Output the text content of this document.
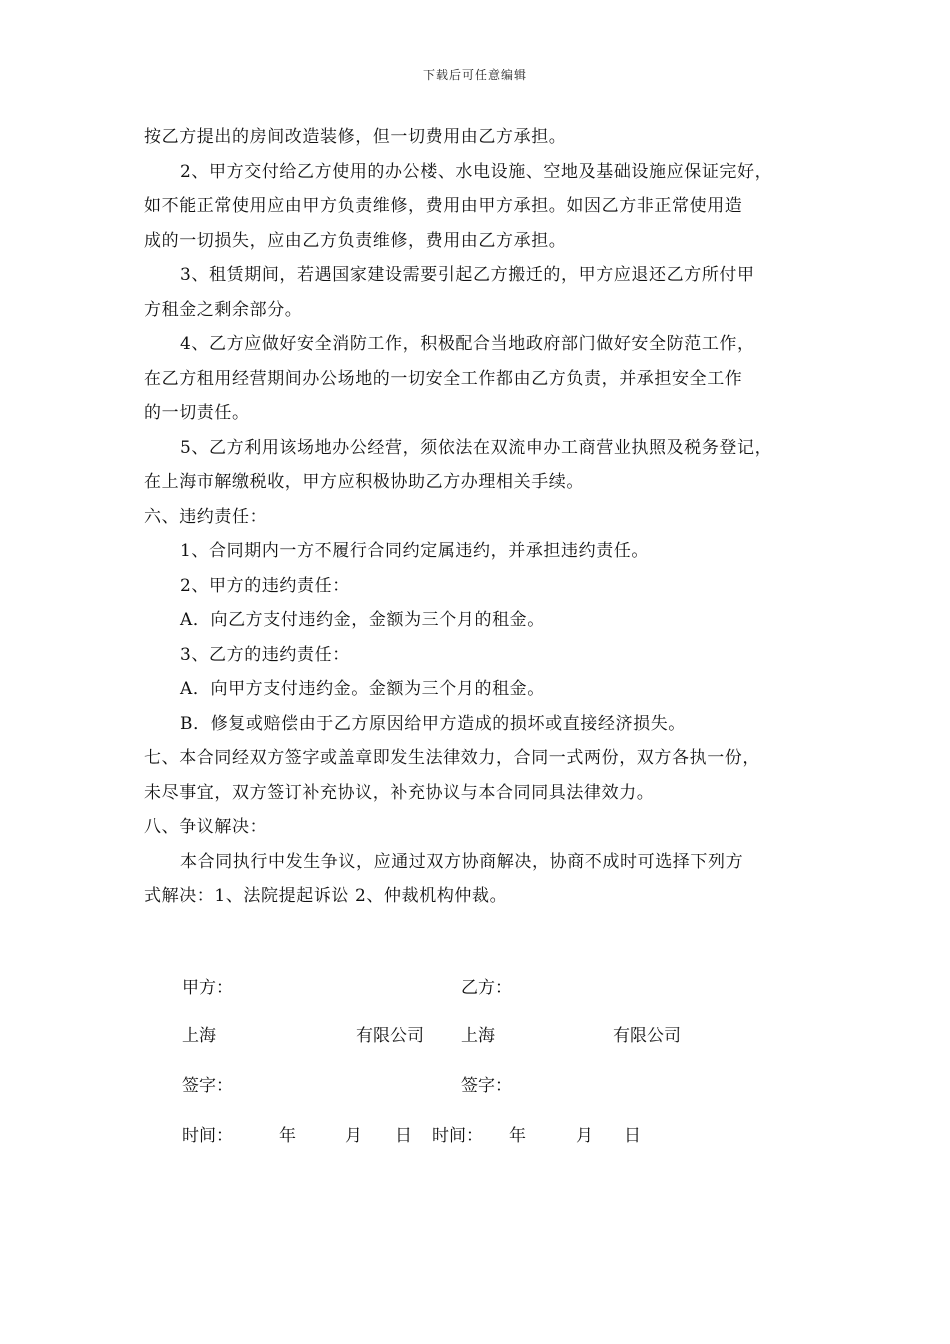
下载后可任意编辑
按乙方提出的房间改造装修，但一切费用由乙方承担。
2、甲方交付给乙方使用的办公楼、水电设施、空地及基础设施应保证完好，
如不能正常使用应由甲方负责维修，费用由甲方承担。如因乙方非正常使用造
成的一切损失，应由乙方负责维修，费用由乙方承担。
3、租赁期间，若遇国家建设需要引起乙方搬迁的，甲方应退还乙方所付甲
方租金之剩余部分。
4、乙方应做好安全消防工作，积极配合当地政府部门做好安全防范工作，
在乙方租用经营期间办公场地的一切安全工作都由乙方负责，并承担安全工作
的一切责任。
5、乙方利用该场地办公经营，须依法在双流申办工商营业执照及税务登记，
在上海市解缴税收，甲方应积极协助乙方办理相关手续。
六、违约责任：
1、合同期内一方不履行合同约定属违约，并承担违约责任。
2、甲方的违约责任：
A．向乙方支付违约金，金额为三个月的租金。
3、乙方的违约责任：
A．向甲方支付违约金。金额为三个月的租金。
B．修复或赔偿由于乙方原因给甲方造成的损坏或直接经济损失。
七、本合同经双方签字或盖章即发生法律效力，合同一式两份，双方各执一份，
未尽事宜，双方签订补充协议，补充协议与本合同同具法律效力。
八、争议解决：
本合同执行中发生争议，应通过双方协商解决，协商不成时可选择下列方
式解决：1、法院提起诉讼 2、仲裁机构仲裁。
甲方：	乙方：
上海	有限公司 上海	有限公司
签字：	签字：
时间：	年	月 日 时间： 年	月 日
